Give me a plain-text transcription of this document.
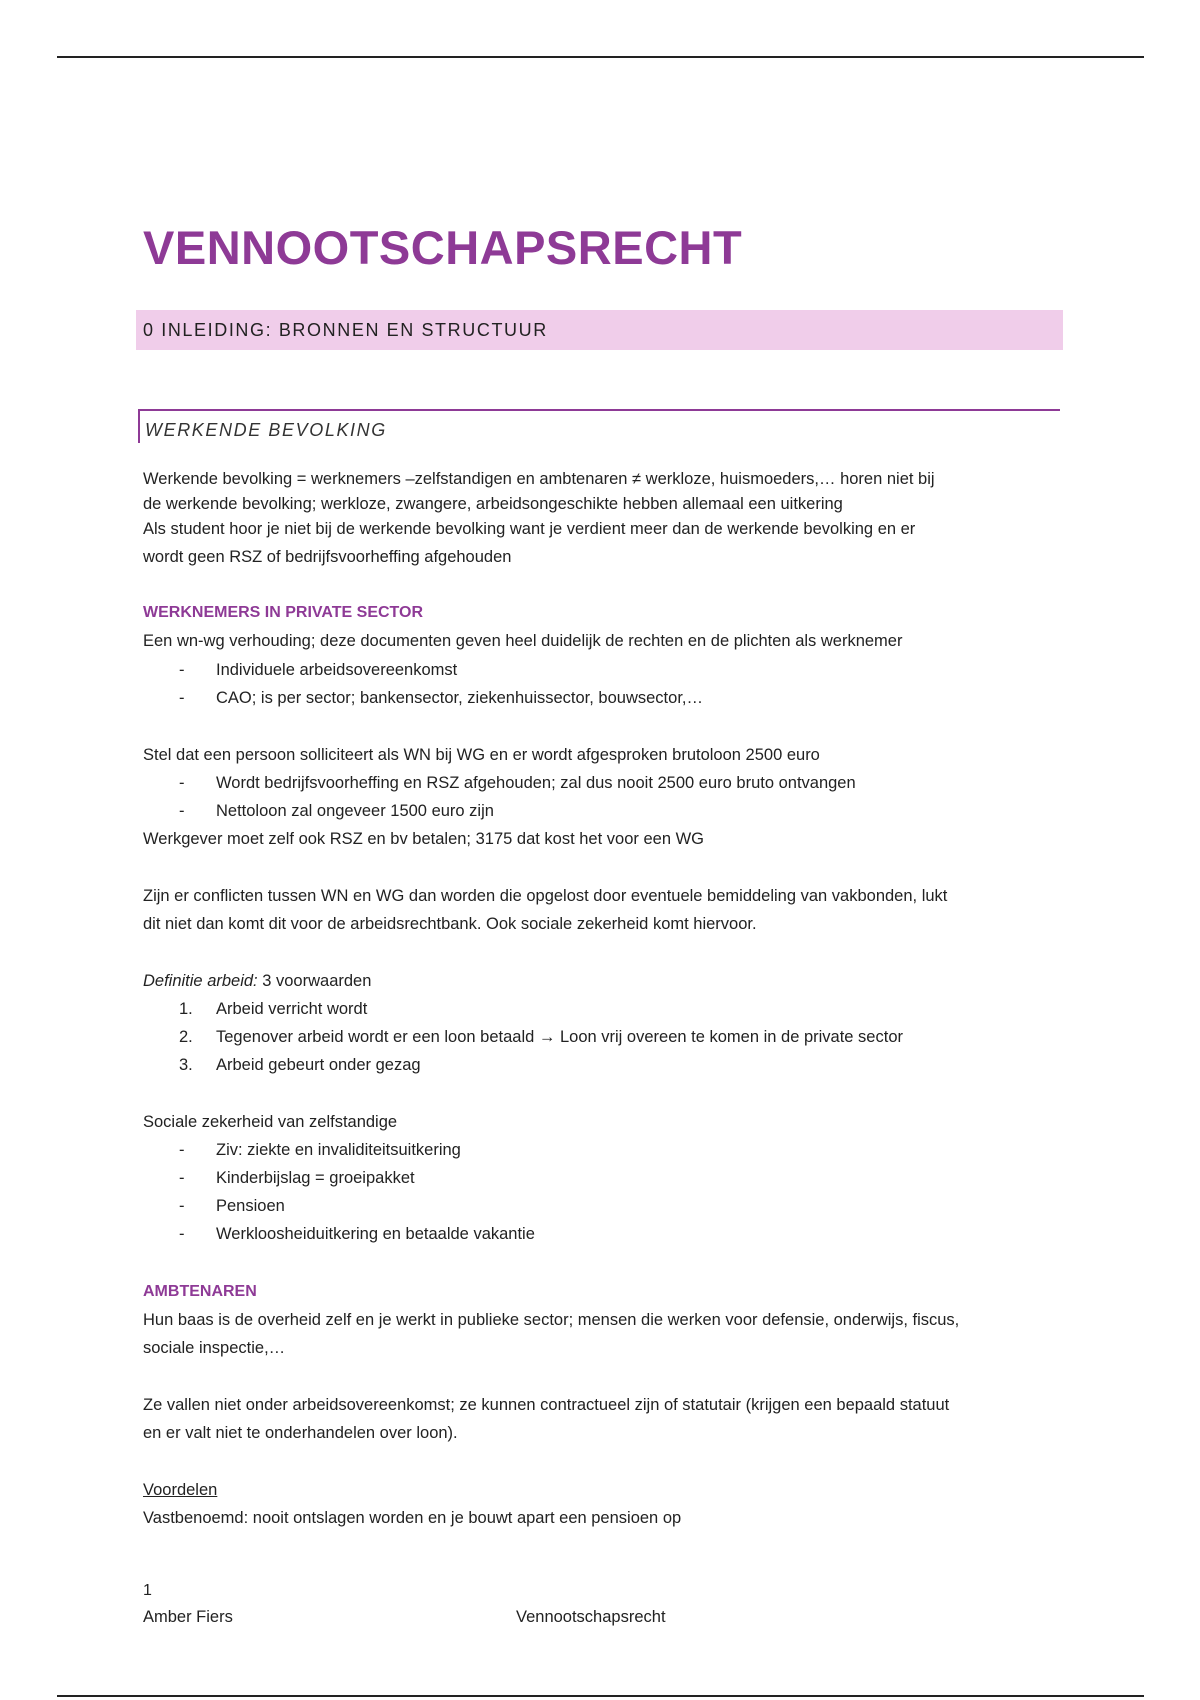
VENNOOTSCHAPSRECHT
0 INLEIDING: BRONNEN EN STRUCTUUR
WERKENDE BEVOLKING
Werkende bevolking = werknemers –zelfstandigen en ambtenaren ≠ werkloze, huismoeders,… horen niet bij
de werkende bevolking; werkloze, zwangere, arbeidsongeschikte hebben allemaal een uitkering
Als student hoor je niet bij de werkende bevolking want je verdient meer dan de werkende bevolking en er
wordt geen RSZ of bedrijfsvoorheffing afgehouden
WERKNEMERS IN PRIVATE SECTOR
Een wn-wg verhouding; deze documenten geven heel duidelijk de rechten en de plichten als werknemer
- Individuele arbeidsovereenkomst
- CAO; is per sector; bankensector, ziekenhuissector, bouwsector,…
Stel dat een persoon solliciteert als WN bij WG en er wordt afgesproken brutoloon 2500 euro
- Wordt bedrijfsvoorheffing en RSZ afgehouden; zal dus nooit 2500 euro bruto ontvangen
- Nettoloon zal ongeveer 1500 euro zijn
Werkgever moet zelf ook RSZ en bv betalen; 3175 dat kost het voor een WG
Zijn er conflicten tussen WN en WG dan worden die opgelost door eventuele bemiddeling van vakbonden, lukt
dit niet dan komt dit voor de arbeidsrechtbank. Ook sociale zekerheid komt hiervoor.
Definitie arbeid: 3 voorwaarden
1. Arbeid verricht wordt
2. Tegenover arbeid wordt er een loon betaald → Loon vrij overeen te komen in de private sector
3. Arbeid gebeurt onder gezag
Sociale zekerheid van zelfstandige
- Ziv: ziekte en invaliditeitsuitkering
- Kinderbijslag = groeipakket
- Pensioen
- Werkloosheiduitkering en betaalde vakantie
AMBTENAREN
Hun baas is de overheid zelf en je werkt in publieke sector; mensen die werken voor defensie, onderwijs, fiscus,
sociale inspectie,…
Ze vallen niet onder arbeidsovereenkomst; ze kunnen contractueel zijn of statutair (krijgen een bepaald statuut
en er valt niet te onderhandelen over loon).
Voordelen
Vastbenoemd: nooit ontslagen worden en je bouwt apart een pensioen op
1
Amber Fiers	Vennootschapsrecht
